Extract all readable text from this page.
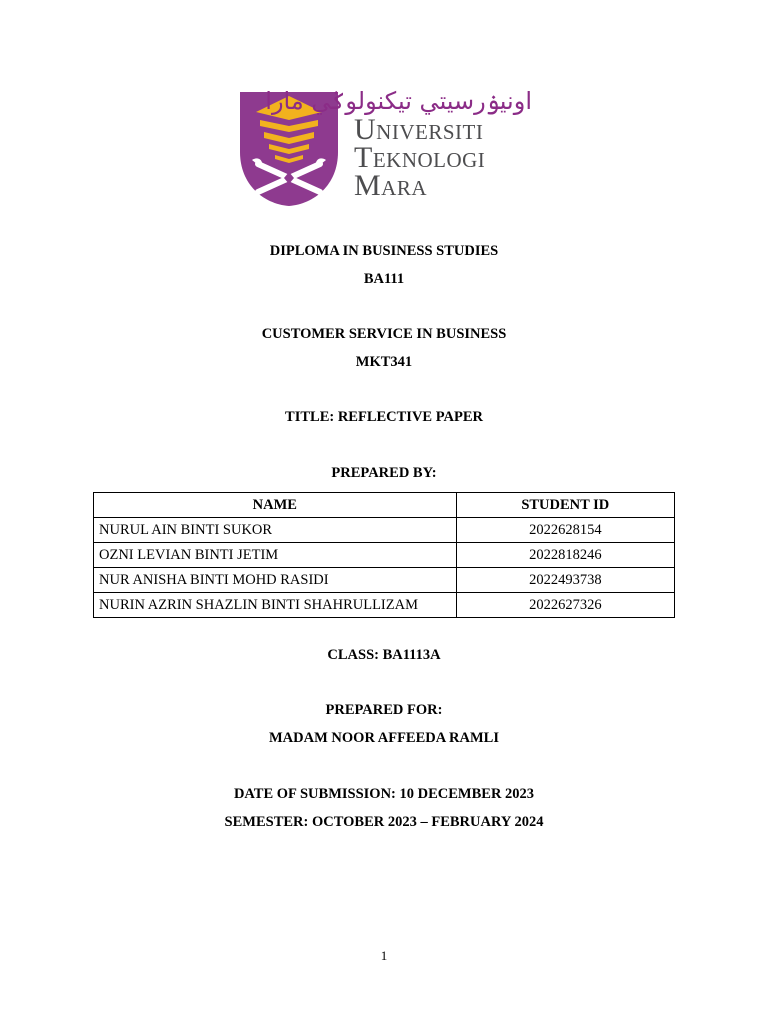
اونيۏرسيتي تيکنولوݢي مارا
Universiti
Teknologi
Mara
DIPLOMA IN BUSINESS STUDIES
BA111
CUSTOMER SERVICE IN BUSINESS
MKT341
TITLE: REFLECTIVE PAPER
PREPARED BY:
NAME	STUDENT ID
NURUL AIN BINTI SUKOR	2022628154
OZNI LEVIAN BINTI JETIM	2022818246
NUR ANISHA BINTI MOHD RASIDI	2022493738
NURIN AZRIN SHAZLIN BINTI SHAHRULLIZAM	2022627326
CLASS: BA1113A
PREPARED FOR:
MADAM NOOR AFFEEDA RAMLI
DATE OF SUBMISSION: 10 DECEMBER 2023
SEMESTER: OCTOBER 2023 – FEBRUARY 2024
1
